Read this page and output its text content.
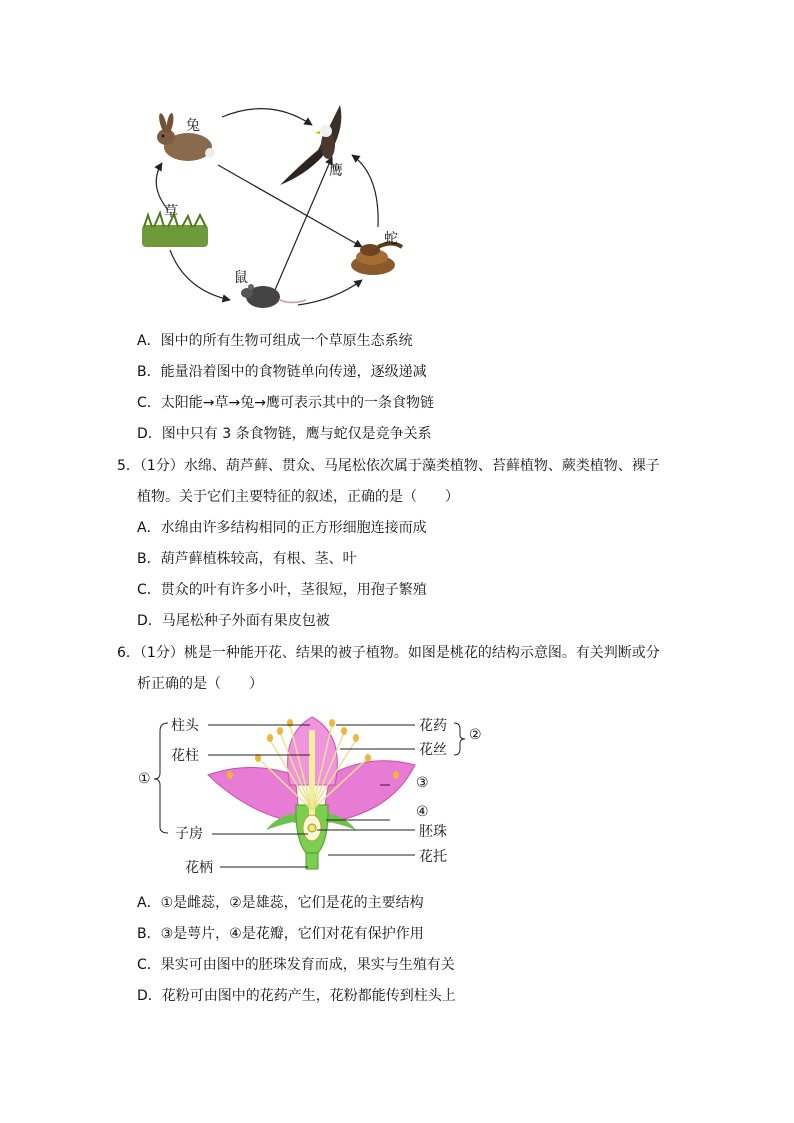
兔
鹰
草
蛇
鼠
A．图中的所有生物可组成一个草原生态系统
B．能量沿着图中的食物链单向传递，逐级递减
C．太阳能→草→兔→鹰可表示其中的一条食物链
D．图中只有 3 条食物链，鹰与蛇仅是竞争关系
5．（1分）水绵、葫芦藓、贯众、马尾松依次属于藻类植物、苔藓植物、蕨类植物、裸子
植物。关于它们主要特征的叙述，正确的是（　　）
A．水绵由许多结构相同的正方形细胞连接而成
B．葫芦藓植株较高，有根、茎、叶
C．贯众的叶有许多小叶，茎很短，用孢子繁殖
D．马尾松种子外面有果皮包被
6．（1分）桃是一种能开花、结果的被子植物。如图是桃花的结构示意图。有关判断或分
析正确的是（　　）
柱头
花柱
①
子房
花柄
花药
花丝
②
③
④
胚珠
花托
A．①是雌蕊，②是雄蕊，它们是花的主要结构
B．③是萼片，④是花瓣，它们对花有保护作用
C．果实可由图中的胚珠发育而成，果实与生殖有关
D．花粉可由图中的花药产生，花粉都能传到柱头上
